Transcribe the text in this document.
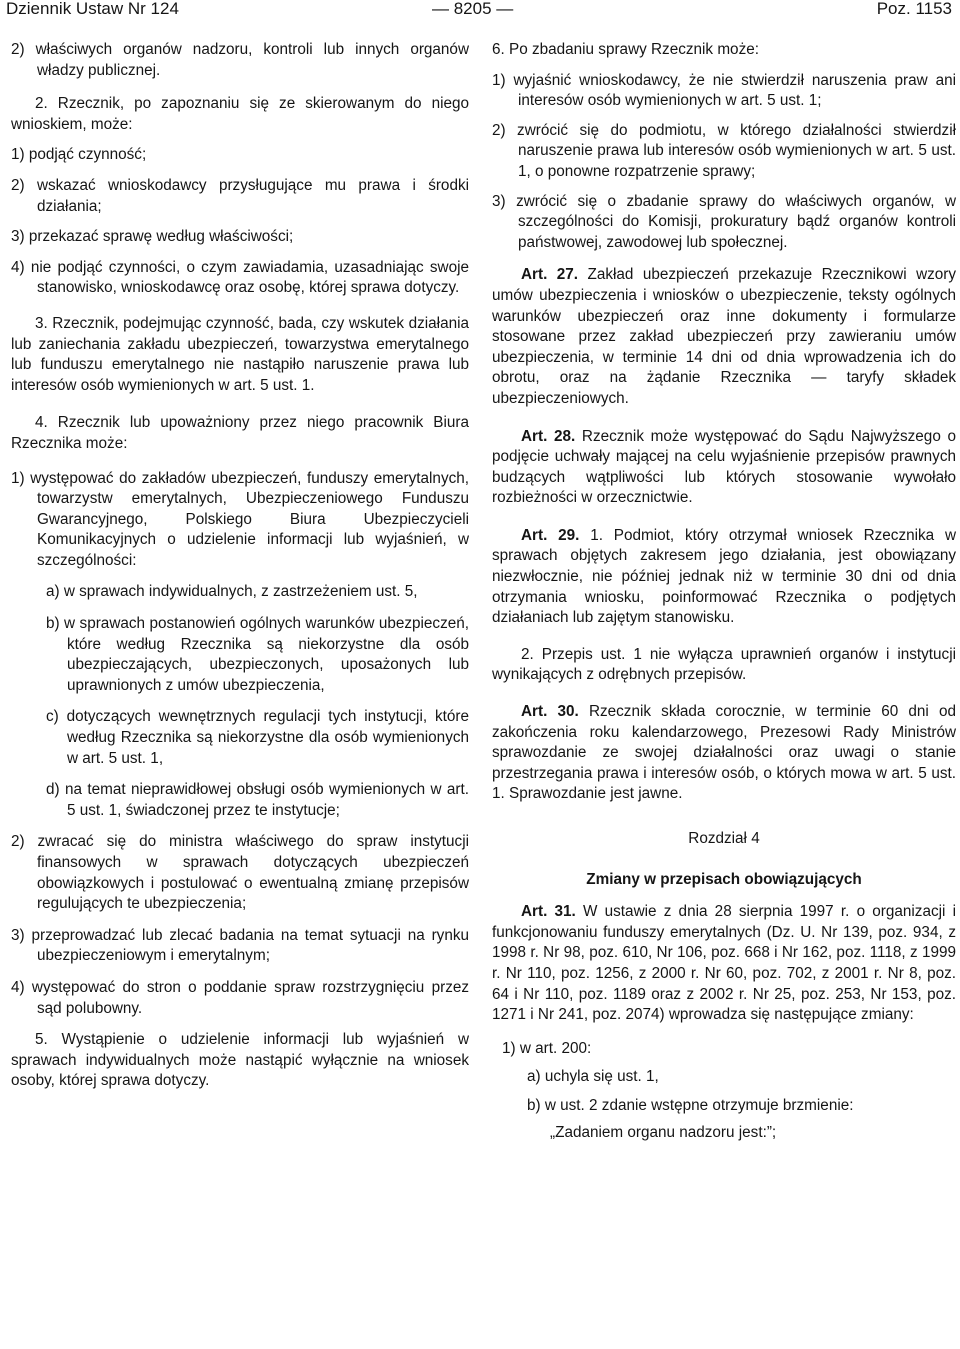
Dziennik Ustaw Nr 124	— 8205 —	Poz. 1153

2) właściwych organów nadzoru, kontroli lub innych organów władzy publicznej.

2. Rzecznik, po zapoznaniu się ze skierowanym do niego wnioskiem, może:

1) podjąć czynność;

2) wskazać wnioskodawcy przysługujące mu prawa i środki działania;

3) przekazać sprawę według właściwości;

4) nie podjąć czynności, o czym zawiadamia, uzasadniając swoje stanowisko, wnioskodawcę oraz osobę, której sprawa dotyczy.

3. Rzecznik, podejmując czynność, bada, czy wskutek działania lub zaniechania zakładu ubezpieczeń, towarzystwa emerytalnego lub funduszu emerytalnego nie nastąpiło naruszenie prawa lub interesów osób wymienionych w art. 5 ust. 1.

4. Rzecznik lub upoważniony przez niego pracownik Biura Rzecznika może:

1) występować do zakładów ubezpieczeń, funduszy emerytalnych, towarzystw emerytalnych, Ubezpieczeniowego Funduszu Gwarancyjnego, Polskiego Biura Ubezpieczycieli Komunikacyjnych o udzielenie informacji lub wyjaśnień, w szczególności:

a) w sprawach indywidualnych, z zastrzeżeniem ust. 5,

b) w sprawach postanowień ogólnych warunków ubezpieczeń, które według Rzecznika są niekorzystne dla osób ubezpieczających, ubezpieczonych, uposażonych lub uprawnionych z umów ubezpieczenia,

c) dotyczących wewnętrznych regulacji tych instytucji, które według Rzecznika są niekorzystne dla osób wymienionych w art. 5 ust. 1,

d) na temat nieprawidłowej obsługi osób wymienionych w art. 5 ust. 1, świadczonej przez te instytucje;

2) zwracać się do ministra właściwego do spraw instytucji finansowych w sprawach dotyczących ubezpieczeń obowiązkowych i postulować o ewentualną zmianę przepisów regulujących te ubezpieczenia;

3) przeprowadzać lub zlecać badania na temat sytuacji na rynku ubezpieczeniowym i emerytalnym;

4) występować do stron o poddanie spraw rozstrzygnięciu przez sąd polubowny.

5. Wystąpienie o udzielenie informacji lub wyjaśnień w sprawach indywidualnych może nastąpić wyłącznie na wniosek osoby, której sprawa dotyczy.

6. Po zbadaniu sprawy Rzecznik może:

1) wyjaśnić wnioskodawcy, że nie stwierdził naruszenia praw ani interesów osób wymienionych w art. 5 ust. 1;

2) zwrócić się do podmiotu, w którego działalności stwierdził naruszenie prawa lub interesów osób wymienionych w art. 5 ust. 1, o ponowne rozpatrzenie sprawy;

3) zwrócić się o zbadanie sprawy do właściwych organów, w szczególności do Komisji, prokuratury bądź organów kontroli państwowej, zawodowej lub społecznej.

Art. 27. Zakład ubezpieczeń przekazuje Rzecznikowi wzory umów ubezpieczenia i wniosków o ubezpieczenie, teksty ogólnych warunków ubezpieczeń oraz inne dokumenty i formularze stosowane przez zakład ubezpieczeń przy zawieraniu umów ubezpieczenia, w terminie 14 dni od dnia wprowadzenia ich do obrotu, oraz na żądanie Rzecznika — taryfy składek ubezpieczeniowych.

Art. 28. Rzecznik może występować do Sądu Najwyższego o podjęcie uchwały mającej na celu wyjaśnienie przepisów prawnych budzących wątpliwości lub których stosowanie wywołało rozbieżności w orzecznictwie.

Art. 29. 1. Podmiot, który otrzymał wniosek Rzecznika w sprawach objętych zakresem jego działania, jest obowiązany niezwłocznie, nie później jednak niż w terminie 30 dni od dnia otrzymania wniosku, poinformować Rzecznika o podjętych działaniach lub zajętym stanowisku.

2. Przepis ust. 1 nie wyłącza uprawnień organów i instytucji wynikających z odrębnych przepisów.

Art. 30. Rzecznik składa corocznie, w terminie 60 dni od zakończenia roku kalendarzowego, Prezesowi Rady Ministrów sprawozdanie ze swojej działalności oraz uwagi o stanie przestrzegania prawa i interesów osób, o których mowa w art. 5 ust. 1. Sprawozdanie jest jawne.

Rozdział 4

Zmiany w przepisach obowiązujących

Art. 31. W ustawie z dnia 28 sierpnia 1997 r. o organizacji i funkcjonowaniu funduszy emerytalnych (Dz. U. Nr 139, poz. 934, z 1998 r. Nr 98, poz. 610, Nr 106, poz. 668 i Nr 162, poz. 1118, z 1999 r. Nr 110, poz. 1256, z 2000 r. Nr 60, poz. 702, z 2001 r. Nr 8, poz. 64 i Nr 110, poz. 1189 oraz z 2002 r. Nr 25, poz. 253, Nr 153, poz. 1271 i Nr 241, poz. 2074) wprowadza się następujące zmiany:

1) w art. 200:

a) uchyla się ust. 1,

b) w ust. 2 zdanie wstępne otrzymuje brzmienie:

„Zadaniem organu nadzoru jest:”;
